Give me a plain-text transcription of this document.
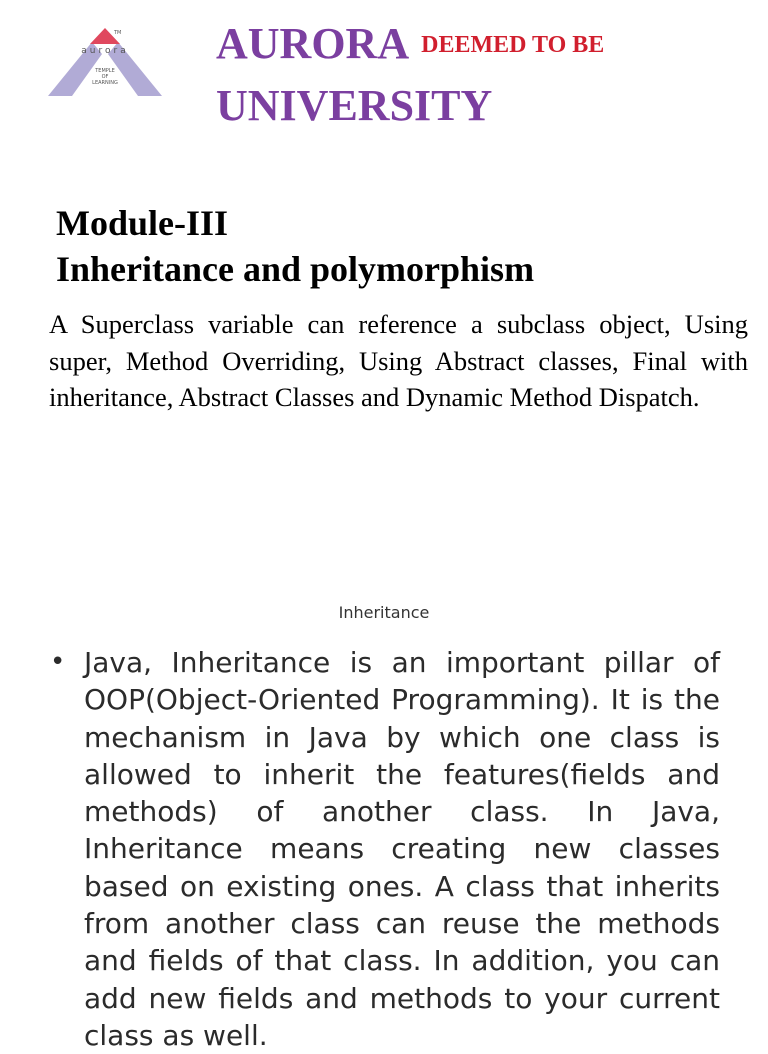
TM
aurora
TEMPLE
OF
LEARNING
AURORA DEEMED TO BE
UNIVERSITY
Module-III
Inheritance and polymorphism
A Superclass variable can reference a subclass object, Using super, Method Overriding, Using Abstract classes, Final with inheritance, Abstract Classes and Dynamic Method Dispatch.
Inheritance
• Java, Inheritance is an important pillar of OOP(Object-Oriented Programming). It is the mechanism in Java by which one class is allowed to inherit the features(fields and methods) of another class. In Java, Inheritance means creating new classes based on existing ones. A class that inherits from another class can reuse the methods and fields of that class. In addition, you can add new fields and methods to your current class as well.
